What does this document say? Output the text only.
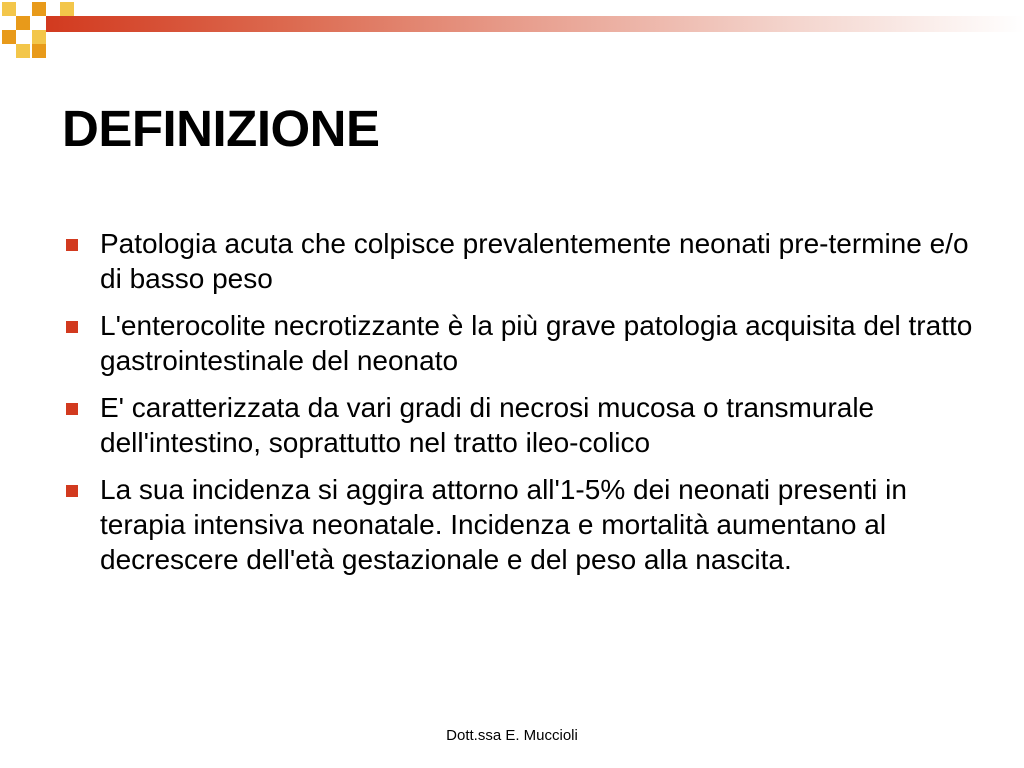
DEFINIZIONE
Patologia acuta che colpisce prevalentemente neonati pre-termine e/o di basso peso
L'enterocolite necrotizzante è la più grave patologia acquisita del tratto gastrointestinale del neonato
E' caratterizzata da vari gradi di necrosi mucosa o transmurale dell'intestino, soprattutto nel tratto ileo-colico
La sua incidenza si aggira attorno all'1-5% dei neonati presenti in terapia intensiva neonatale. Incidenza e mortalità aumentano al decrescere dell'età gestazionale e del peso alla nascita.
Dott.ssa E. Muccioli
